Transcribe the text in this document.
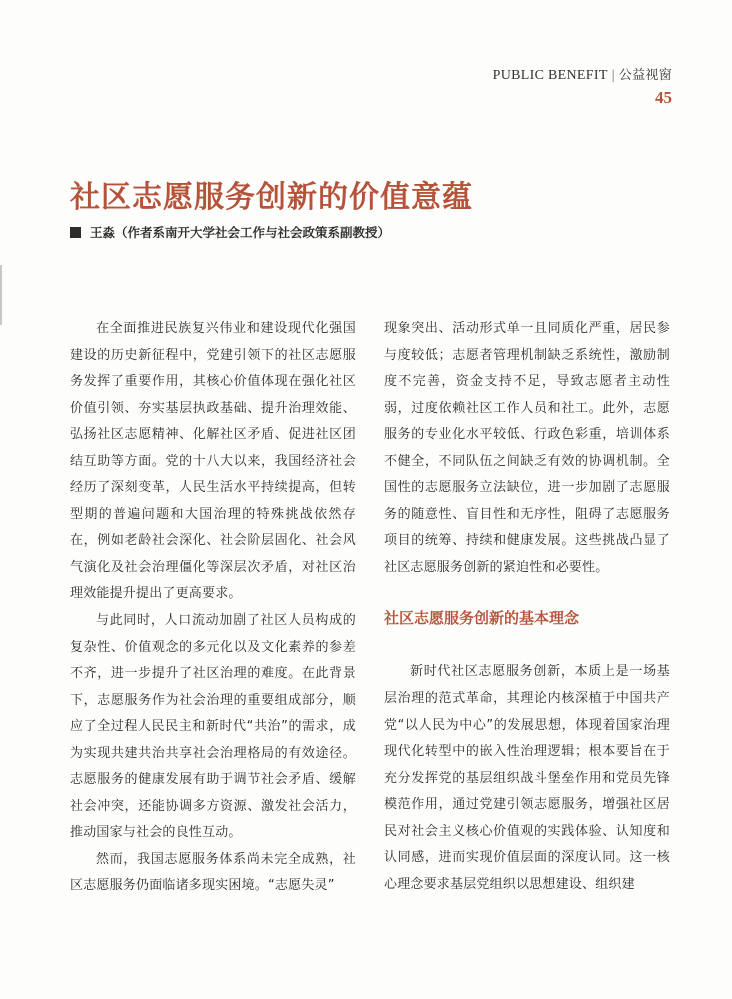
PUBLIC BENEFIT | 公益视窗
45
社区志愿服务创新的价值意蕴
王淼（作者系南开大学社会工作与社会政策系副教授）

在全面推进民族复兴伟业和建设现代化强国建设的历史新征程中，党建引领下的社区志愿服务发挥了重要作用，其核心价值体现在强化社区价值引领、夯实基层执政基础、提升治理效能、弘扬社区志愿精神、化解社区矛盾、促进社区团结互助等方面。党的十八大以来，我国经济社会经历了深刻变革，人民生活水平持续提高，但转型期的普遍问题和大国治理的特殊挑战依然存在，例如老龄社会深化、社会阶层固化、社会风气演化及社会治理僵化等深层次矛盾，对社区治理效能提升提出了更高要求。

与此同时，人口流动加剧了社区人员构成的复杂性、价值观念的多元化以及文化素养的参差不齐，进一步提升了社区治理的难度。在此背景下，志愿服务作为社会治理的重要组成部分，顺应了全过程人民民主和新时代“共治”的需求，成为实现共建共治共享社会治理格局的有效途径。志愿服务的健康发展有助于调节社会矛盾、缓解社会冲突，还能协调多方资源、激发社会活力，推动国家与社会的良性互动。

然而，我国志愿服务体系尚未完全成熟，社区志愿服务仍面临诸多现实困境。“志愿失灵”

现象突出、活动形式单一且同质化严重，居民参与度较低；志愿者管理机制缺乏系统性，激励制度不完善，资金支持不足，导致志愿者主动性弱，过度依赖社区工作人员和社工。此外，志愿服务的专业化水平较低、行政色彩重，培训体系不健全，不同队伍之间缺乏有效的协调机制。全国性的志愿服务立法缺位，进一步加剧了志愿服务的随意性、盲目性和无序性，阻碍了志愿服务项目的统筹、持续和健康发展。这些挑战凸显了社区志愿服务创新的紧迫性和必要性。

社区志愿服务创新的基本理念

新时代社区志愿服务创新，本质上是一场基层治理的范式革命，其理论内核深植于中国共产党“以人民为中心”的发展思想，体现着国家治理现代化转型中的嵌入性治理逻辑；根本要旨在于充分发挥党的基层组织战斗堡垒作用和党员先锋模范作用，通过党建引领志愿服务，增强社区居民对社会主义核心价值观的实践体验、认知度和认同感，进而实现价值层面的深度认同。这一核心理念要求基层党组织以思想建设、组织建
